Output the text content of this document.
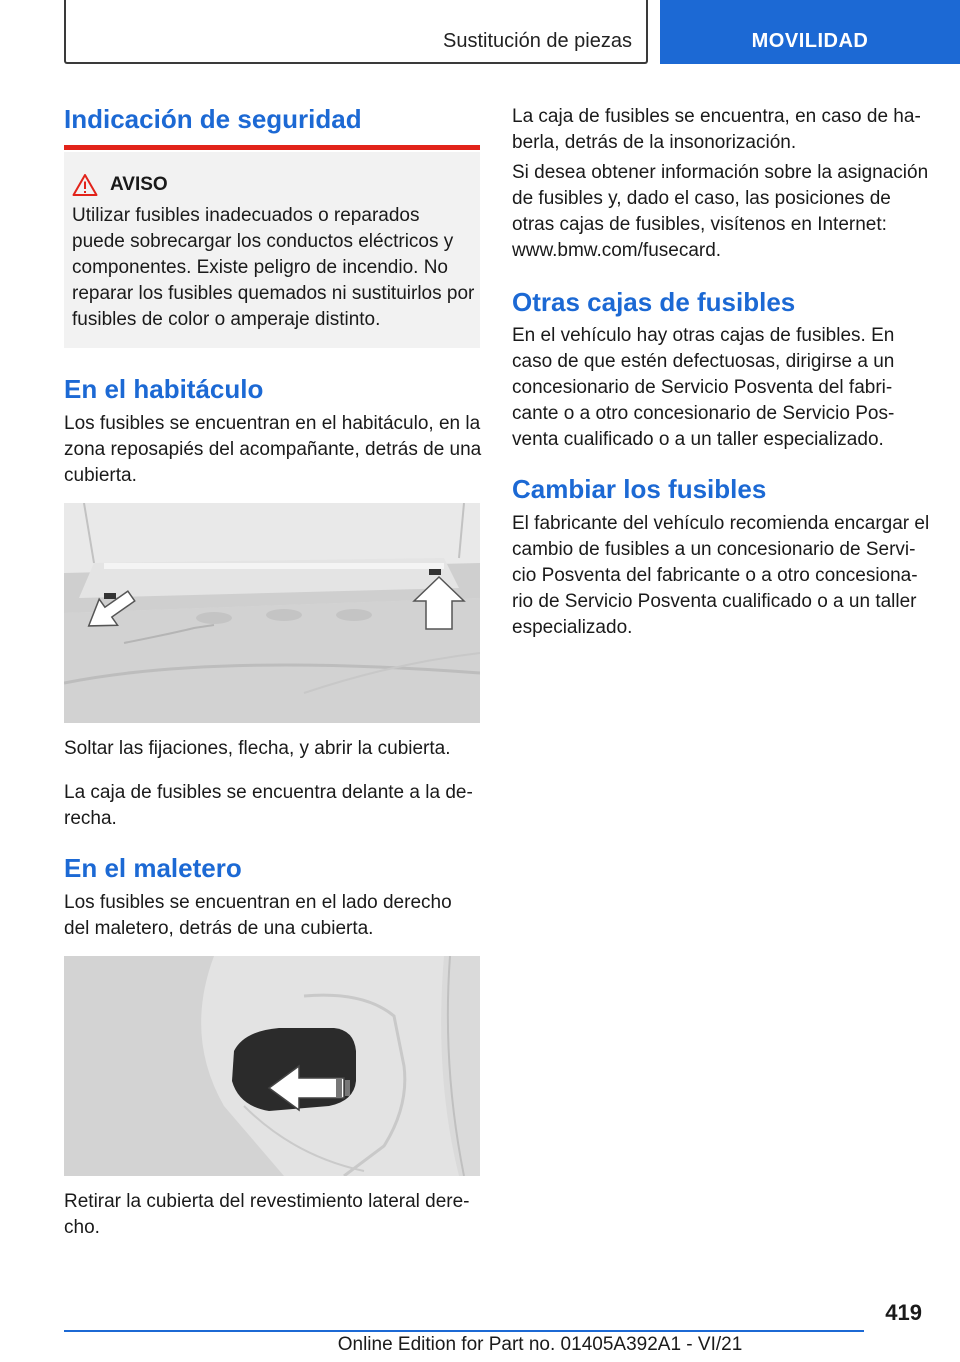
Sustitución de piezas	MOVILIDAD
Indicación de seguridad
AVISO

Utilizar fusibles inadecuados o reparados
puede sobrecargar los conductos eléctricos y
componentes. Existe peligro de incendio. No
reparar los fusibles quemados ni sustituirlos por
fusibles de color o amperaje distinto.

En el habitáculo

Los fusibles se encuentran en el habitáculo, en la
zona reposapiés del acompañante, detrás de una
cubierta.

Soltar las fijaciones, flecha, y abrir la cubierta.

La caja de fusibles se encuentra delante a la de-
recha.

En el maletero

Los fusibles se encuentran en el lado derecho
del maletero, detrás de una cubierta.

Retirar la cubierta del revestimiento lateral dere-
cho.

La caja de fusibles se encuentra, en caso de ha-
berla, detrás de la insonorización.

Si desea obtener información sobre la asignación
de fusibles y, dado el caso, las posiciones de
otras cajas de fusibles, visítenos en Internet:
www.bmw.com/fusecard.

Otras cajas de fusibles

En el vehículo hay otras cajas de fusibles. En
caso de que estén defectuosas, dirigirse a un
concesionario de Servicio Posventa del fabri-
cante o a otro concesionario de Servicio Pos-
venta cualificado o a un taller especializado.

Cambiar los fusibles

El fabricante del vehículo recomienda encargar el
cambio de fusibles a un concesionario de Servi-
cio Posventa del fabricante o a otro concesiona-
rio de Servicio Posventa cualificado o a un taller
especializado.

419
Online Edition for Part no. 01405A392A1 - VI/21
